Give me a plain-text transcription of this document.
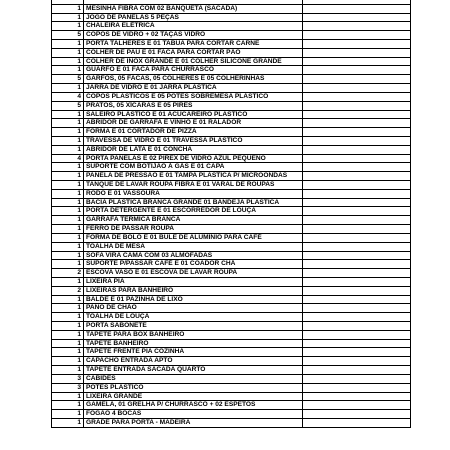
1	MESINHA FIBRA COM 02 BANQUETA (SACADA)	
1	JOGO DE PANELAS 5 PEÇAS	
1	CHALEIRA ELÉTRICA	
5	COPOS DE VIDRO + 02 TAÇAS VIDRO	
1	PORTA TALHERES E 01 TABUA PARA CORTAR CARNE	
1	COLHER DE PAU E 01 FACA PARA CORTAR PÃO	
1	COLHER DE INOX GRANDE E 01 COLHER SILICONE GRANDE	
1	GUARFO E 01 FACA PARA CHURRASCO	
5	GARFOS, 05 FACAS, 05 COLHERES E 05 COLHERINHAS	
1	JARRA DE VIDRO E 01 JARRA PLASTICA	
4	COPOS PLASTICOS E 05 POTES SOBREMESA PLASTICO	
5	PRATOS, 05 XÍCARAS E 05 PIRES	
1	SALEIRO PLASTICO E 01 ACUCAREIRO PLASTICO	
1	ABRIDOR DE GARRAFA E VINHO E 01 RALADOR	
1	FORMA E 01 CORTADOR DE PIZZA	
1	TRAVESSA DE VIDRO E 01 TRAVESSA PLASTICO	
1	ABRIDOR DE LATA E 01 CONCHA	
4	PORTA PANELAS E 02 PIREX DE VIDRO AZUL PEQUENO	
1	SUPORTE COM BOTIJÃO Á GÁS E 01 CAPA	
1	PANELA DE PRESSÃO E 01 TAMPA PLASTICA P/ MICROONDAS	
1	TANQUE DE LAVAR ROUPA FIBRA E 01 VARAL DE ROUPAS	
1	RODO E 01 VASSOURA	
1	BACIA PLASTICA BRANCA GRANDE 01 BANDEJA PLASTICA	
1	PORTA DETERGENTE E 01 ESCORREDOR DE LOUÇA	
1	GARRAFA TERMICA BRANCA	
1	FERRO DE PASSAR ROUPA	
1	FORMA DE BOLO E 01 BULE DE ALUMINIO PARA CAFÉ	
1	TOALHA DE MESA	
1	SOFA VIRA CAMA COM 03 ALMOFADAS	
1	SUPORTE P/PASSAR CAFÉ E 01 COADOR CHÁ	
2	ESCOVA VASO E 01 ESCOVA DE LAVAR ROUPA	
1	LIXEIRA PIA	
2	LIXEIRAS PARA BANHEIRO	
1	BALDE E 01 PAZINHA DE LIXO	
1	PANO DE CHÃO	
1	TOALHA DE LOUÇA	
1	PORTA SABONETE	
1	TAPETE PARA BOX BANHEIRO	
1	TAPETE BANHEIRO	
1	TAPETE FRENTE PIA COZINHA	
1	CAPACHO ENTRADA APTO	
1	TAPETE ENTRADA SACADA QUARTO	
3	CABIDES	
3	POTES PLASTICO	
1	LIXEIRA GRANDE	
1	GAMELA, 01 GRELHA P/ CHURRASCO + 02 ESPETOS	
1	FOGÃO 4 BOCAS	
1	GRADE PARA PORTA - MADEIRA	
